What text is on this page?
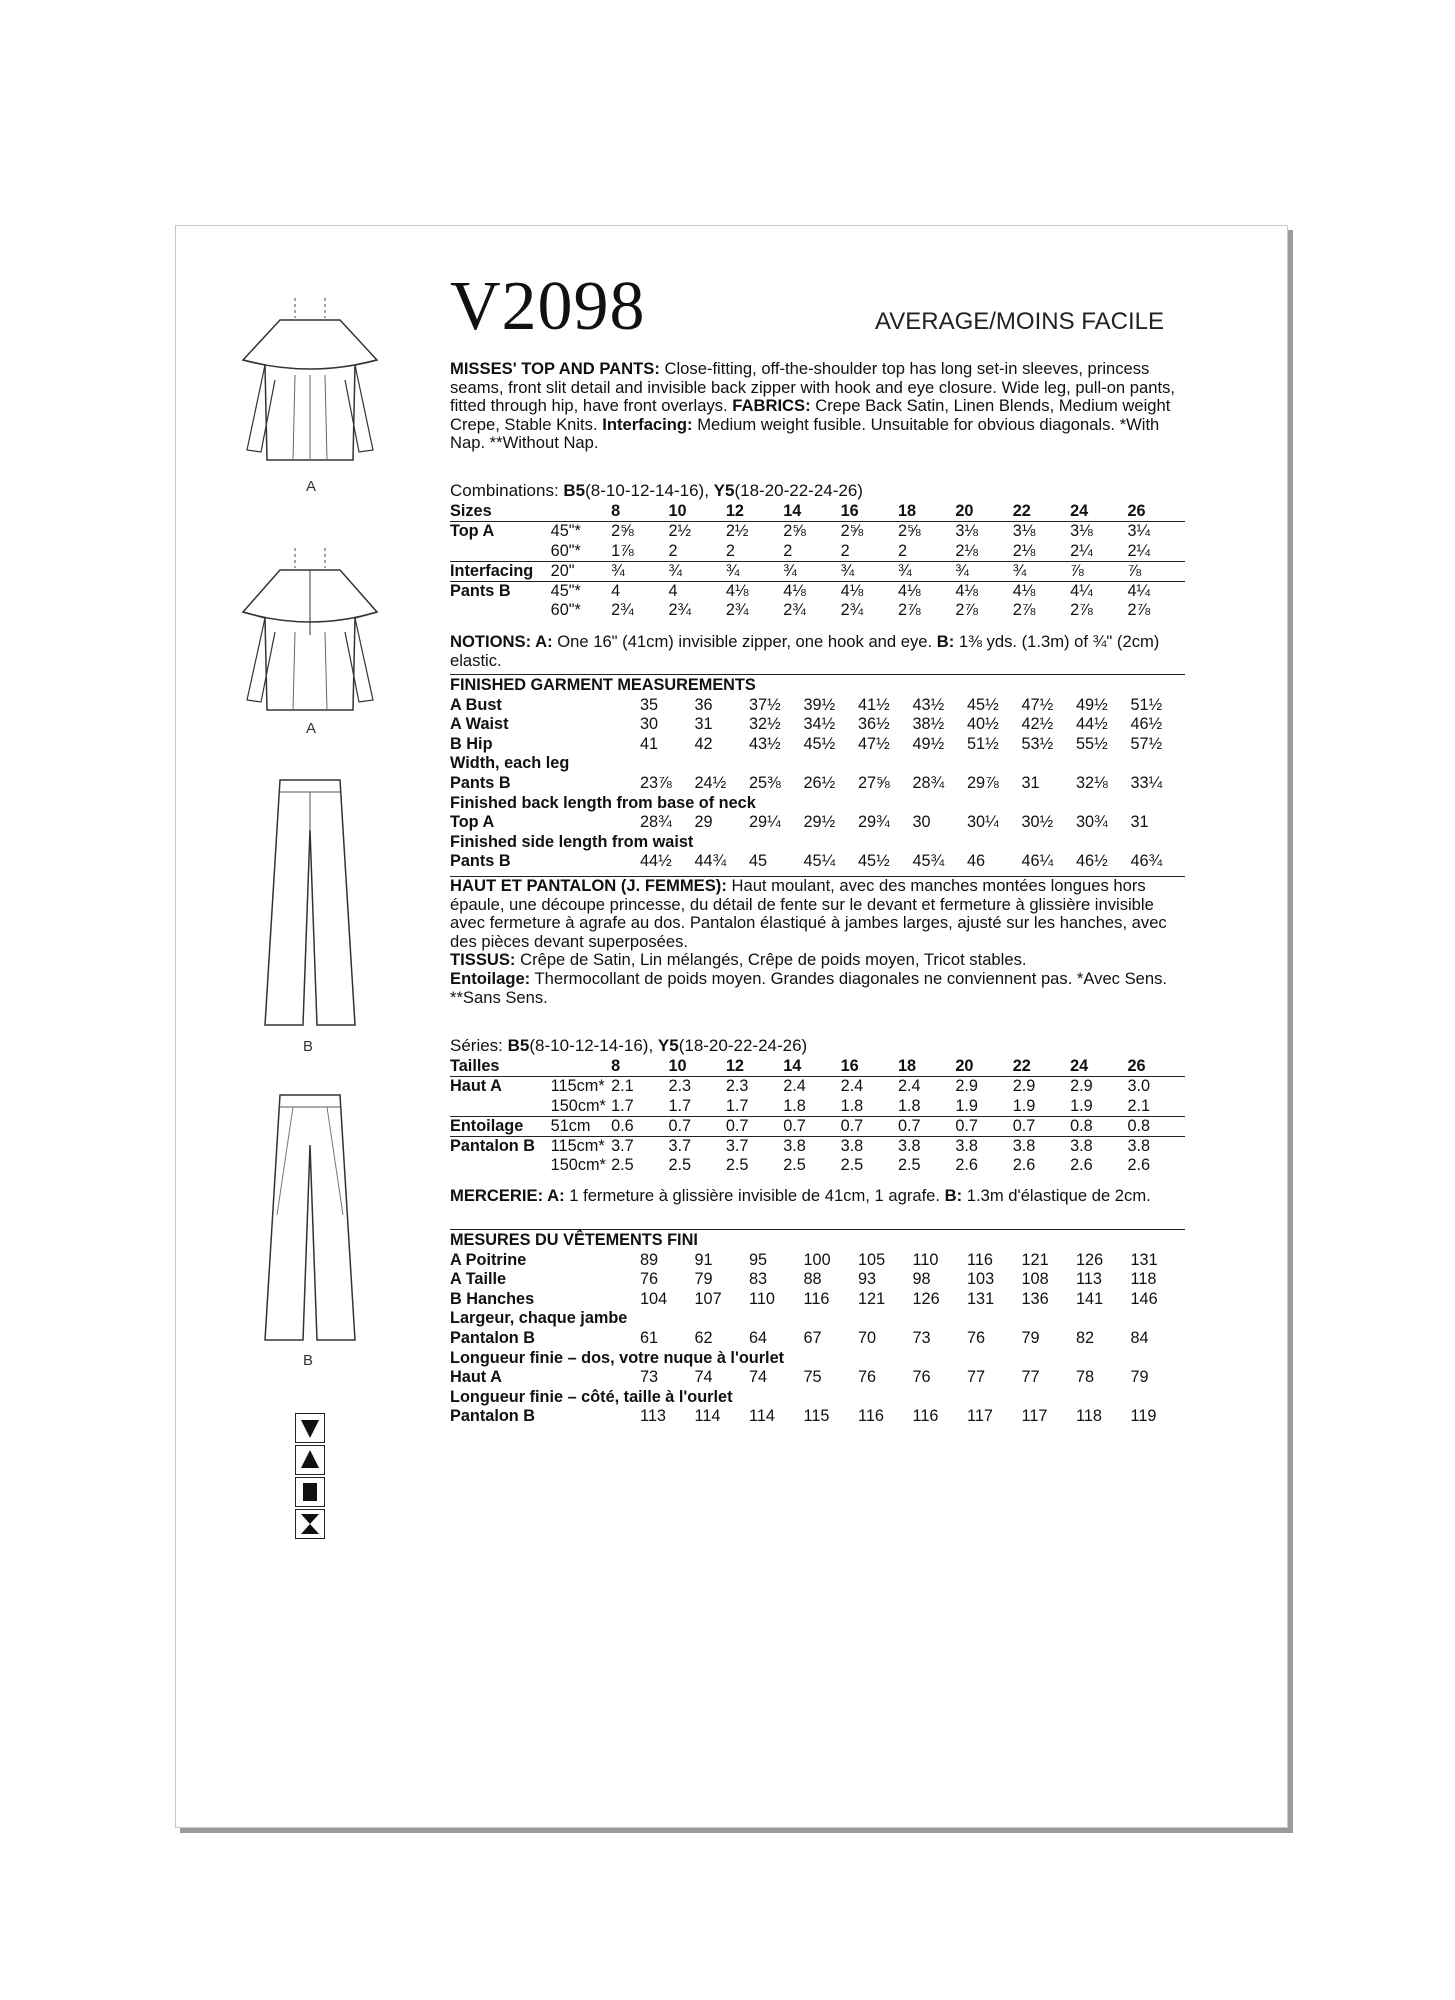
V2098	AVERAGE/MOINS FACILE
MISSES' TOP AND PANTS: Close-fitting, off-the-shoulder top has long set-in sleeves, princess seams, front slit detail and invisible back zipper with hook and eye closure. Wide leg, pull-on pants, fitted through hip, have front overlays. FABRICS: Crepe Back Satin, Linen Blends, Medium weight Crepe, Stable Knits. Interfacing: Medium weight fusible. Unsuitable for obvious diagonals. *With Nap. **Without Nap.
Combinations: B5(8-10-12-14-16), Y5(18-20-22-24-26)
Sizes		8	10	12	14	16	18	20	22	24	26
Top A	45"*	2⅝	2½	2½	2⅝	2⅝	2⅝	3⅛	3⅛	3⅛	3¼
	60"*	1⅞	2	2	2	2	2	2⅛	2⅛	2¼	2¼
Interfacing	20"	¾	¾	¾	¾	¾	¾	¾	¾	⅞	⅞
Pants B	45"*	4	4	4⅛	4⅛	4⅛	4⅛	4⅛	4⅛	4¼	4¼
	60"*	2¾	2¾	2¾	2¾	2¾	2⅞	2⅞	2⅞	2⅞	2⅞
NOTIONS: A: One 16" (41cm) invisible zipper, one hook and eye. B: 1⅜ yds. (1.3m) of ¾" (2cm) elastic.
FINISHED GARMENT MEASUREMENTS										
A Bust	35	36	37½	39½	41½	43½	45½	47½	49½	51½
A Waist	30	31	32½	34½	36½	38½	40½	42½	44½	46½
B Hip	41	42	43½	45½	47½	49½	51½	53½	55½	57½
Width, each leg										
Pants B	23⅞	24½	25⅜	26½	27⅝	28¾	29⅞	31	32⅛	33¼
Finished back length from base of neck										
Top A	28¾	29	29¼	29½	29¾	30	30¼	30½	30¾	31
Finished side length from waist										
Pants B	44½	44¾	45	45¼	45½	45¾	46	46¼	46½	46¾
HAUT ET PANTALON (J. FEMMES): Haut moulant, avec des manches montées longues hors épaule, une découpe princesse, du détail de fente sur le devant et fermeture à glissière invisible avec fermeture à agrafe au dos. Pantalon élastiqué à jambes larges, ajusté sur les hanches, avec des pièces devant superposées.
TISSUS: Crêpe de Satin, Lin mélangés, Crêpe de poids moyen, Tricot stables.
Entoilage: Thermocollant de poids moyen. Grandes diagonales ne conviennent pas. *Avec Sens. **Sans Sens.
Séries: B5(8-10-12-14-16), Y5(18-20-22-24-26)
Tailles		8	10	12	14	16	18	20	22	24	26
Haut A	115cm*	2.1	2.3	2.3	2.4	2.4	2.4	2.9	2.9	2.9	3.0
	150cm*	1.7	1.7	1.7	1.8	1.8	1.8	1.9	1.9	1.9	2.1
Entoilage	51cm	0.6	0.7	0.7	0.7	0.7	0.7	0.7	0.7	0.8	0.8
Pantalon B	115cm*	3.7	3.7	3.7	3.8	3.8	3.8	3.8	3.8	3.8	3.8
	150cm*	2.5	2.5	2.5	2.5	2.5	2.5	2.6	2.6	2.6	2.6
MERCERIE: A: 1 fermeture à glissière invisible de 41cm, 1 agrafe. B: 1.3m d'élastique de 2cm.
MESURES DU VÊTEMENTS FINI										
A Poitrine	89	91	95	100	105	110	116	121	126	131
A Taille	76	79	83	88	93	98	103	108	113	118
B Hanches	104	107	110	116	121	126	131	136	141	146
Largeur, chaque jambe										
Pantalon B	61	62	64	67	70	73	76	79	82	84
Longueur finie – dos, votre nuque à l'ourlet										
Haut A	73	74	74	75	76	76	77	77	78	79
Longueur finie – côté, taille à l'ourlet										
Pantalon B	113	114	114	115	116	116	117	117	118	119
A
A
B
B
